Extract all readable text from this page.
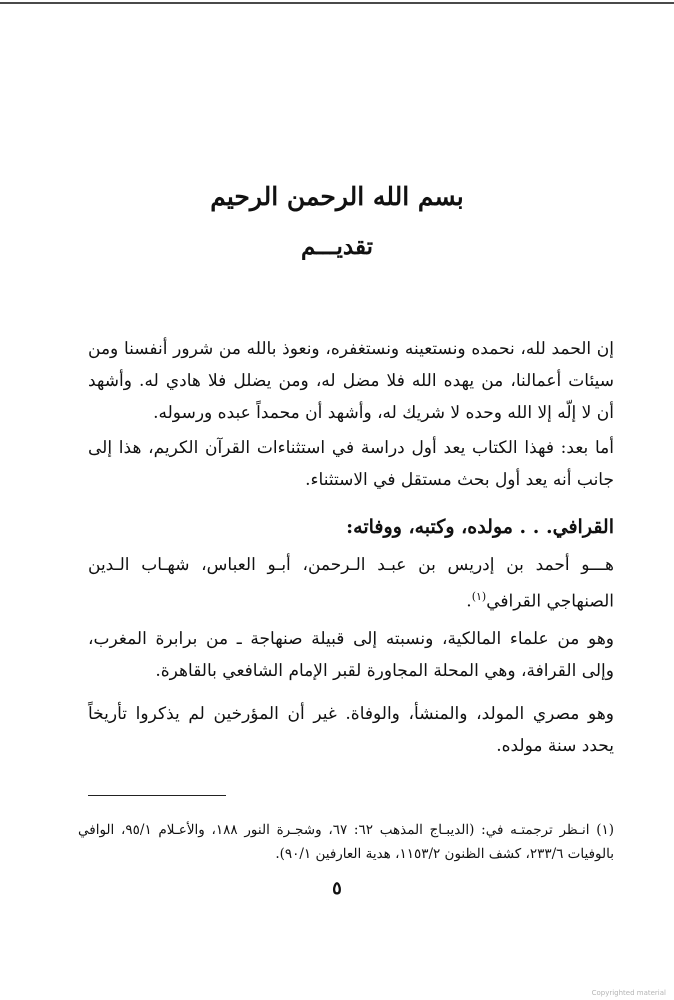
بسم الله الرحمن الرحيم
تقديـــم
إن الحمد لله، نحمده ونستعينه ونستغفره، ونعوذ بالله من شرور أنفسنا ومن سيئات أعمالنا، من يهده الله فلا مضل له، ومن يضلل فلا هادي له. وأشهد أن لا إلّه إلا الله وحده لا شريك له، وأشهد أن محمداً عبده ورسوله.
أما بعد: فهذا الكتاب يعد أول دراسة في استثناءات القرآن الكريم، هذا إلى جانب أنه يعد أول بحث مستقل في الاستثناء.
القرافي. . . مولده، وكتبه، ووفاته:
هـــو أحمد بن إدريس بن عبـد الـرحمن، أبـو العباس، شهـاب الـدين الصنهاجي القرافي$^{(١)}$.
وهو من علماء المالكية، ونسبته إلى قبيلة صنهاجة ـ من برابرة المغرب، وإلى القرافة، وهي المحلة المجاورة لقبر الإمام الشافعي بالقاهرة.
وهو مصري المولد، والمنشأ، والوفاة. غير أن المؤرخين لم يذكروا تأريخاً يحدد سنة مولده.
(١) انـظر ترجمتـه في: (الديبـاج المذهب ٦٢: ٦٧، وشجـرة النور ١٨٨، والأعـلام ٩٥/١، الوافي بالوفيات ٢٣٣/٦، كشف الظنون ١١٥٣/٢، هدية العارفين ٩٠/١).
٥
Copyrighted material
